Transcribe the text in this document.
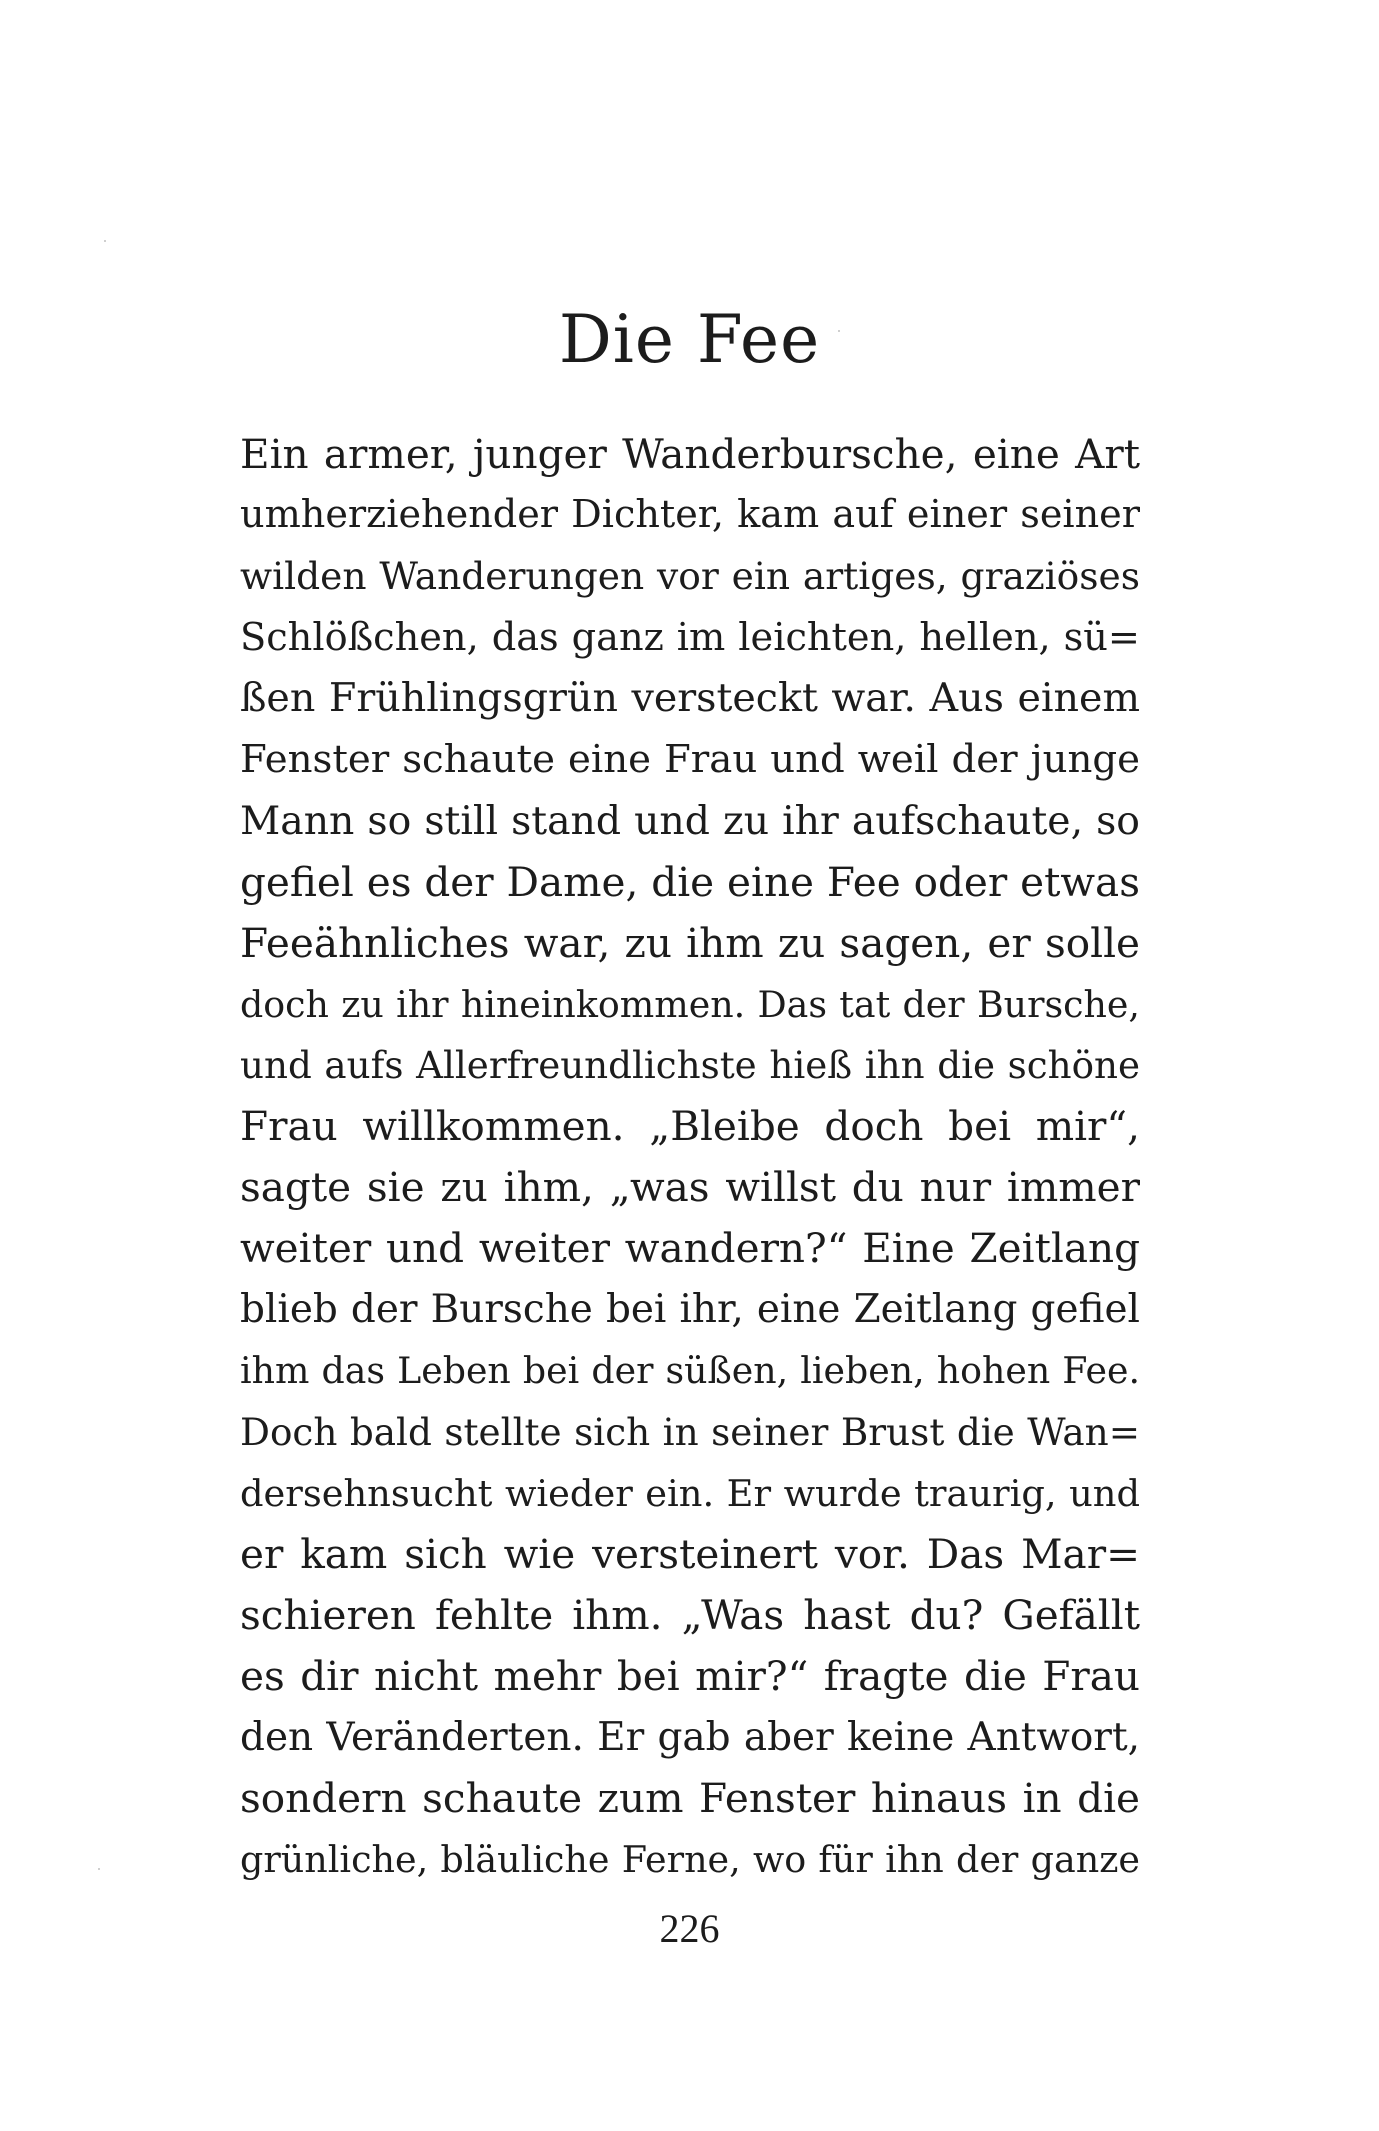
Die Fee
Ein armer, junger Wanderbursche, eine Art
umherziehender Dichter, kam auf einer seiner
wilden Wanderungen vor ein artiges, graziöses
Schlößchen, das ganz im leichten, hellen, sü=
ßen Frühlingsgrün versteckt war. Aus einem
Fenster schaute eine Frau und weil der junge
Mann so still stand und zu ihr aufschaute, so
gefiel es der Dame, die eine Fee oder etwas
Feeähnliches war, zu ihm zu sagen, er solle
doch zu ihr hineinkommen. Das tat der Bursche,
und aufs Allerfreundlichste hieß ihn die schöne
Frau willkommen. „Bleibe doch bei mir“,
sagte sie zu ihm, „was willst du nur immer
weiter und weiter wandern?“ Eine Zeitlang
blieb der Bursche bei ihr, eine Zeitlang gefiel
ihm das Leben bei der süßen, lieben, hohen Fee.
Doch bald stellte sich in seiner Brust die Wan=
dersehnsucht wieder ein. Er wurde traurig, und
er kam sich wie versteinert vor. Das Mar=
schieren fehlte ihm. „Was hast du? Gefällt
es dir nicht mehr bei mir?“ fragte die Frau
den Veränderten. Er gab aber keine Antwort,
sondern schaute zum Fenster hinaus in die
grünliche, bläuliche Ferne, wo für ihn der ganze
226
